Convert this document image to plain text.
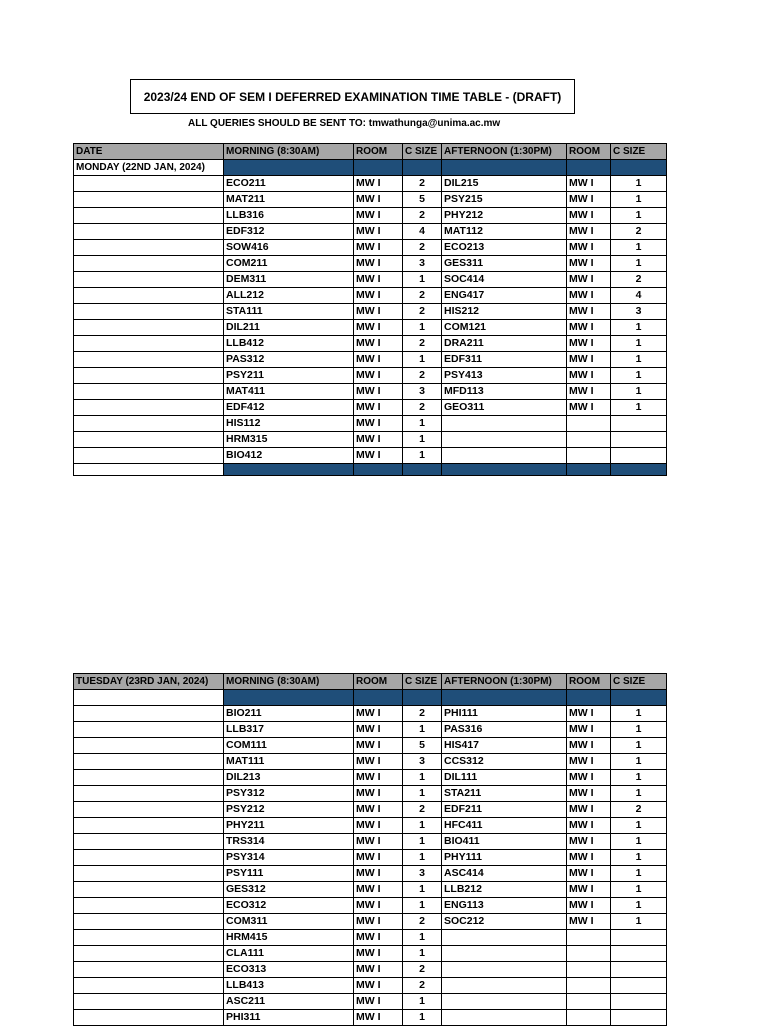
2023/24 END OF SEM I DEFERRED EXAMINATION TIME TABLE - (DRAFT)
ALL QUERIES SHOULD BE SENT TO: tmwathunga@unima.ac.mw
DATE	MORNING (8:30AM)	ROOM	C SIZE	AFTERNOON (1:30PM)	ROOM	C SIZE
MONDAY (22ND JAN, 2024)						
	ECO211	MW I	2	DIL215	MW I	1
	MAT211	MW I	5	PSY215	MW I	1
	LLB316	MW I	2	PHY212	MW I	1
	EDF312	MW I	4	MAT112	MW I	2
	SOW416	MW I	2	ECO213	MW I	1
	COM211	MW I	3	GES311	MW I	1
	DEM311	MW I	1	SOC414	MW I	2
	ALL212	MW I	2	ENG417	MW I	4
	STA111	MW I	2	HIS212	MW I	3
	DIL211	MW I	1	COM121	MW I	1
	LLB412	MW I	2	DRA211	MW I	1
	PAS312	MW I	1	EDF311	MW I	1
	PSY211	MW I	2	PSY413	MW I	1
	MAT411	MW I	3	MFD113	MW I	1
	EDF412	MW I	2	GEO311	MW I	1
	HIS112	MW I	1			
	HRM315	MW I	1			
	BIO412	MW I	1			

TUESDAY (23RD JAN, 2024)	MORNING (8:30AM)	ROOM	C SIZE	AFTERNOON (1:30PM)	ROOM	C SIZE

	BIO211	MW I	2	PHI111	MW I	1
	LLB317	MW I	1	PAS316	MW I	1
	COM111	MW I	5	HIS417	MW I	1
	MAT111	MW I	3	CCS312	MW I	1
	DIL213	MW I	1	DIL111	MW I	1
	PSY312	MW I	1	STA211	MW I	1
	PSY212	MW I	2	EDF211	MW I	2
	PHY211	MW I	1	HFC411	MW I	1
	TRS314	MW I	1	BIO411	MW I	1
	PSY314	MW I	1	PHY111	MW I	1
	PSY111	MW I	3	ASC414	MW I	1
	GES312	MW I	1	LLB212	MW I	1
	ECO312	MW I	1	ENG113	MW I	1
	COM311	MW I	2	SOC212	MW I	1
	HRM415	MW I	1			
	CLA111	MW I	1			
	ECO313	MW I	2			
	LLB413	MW I	2			
	ASC211	MW I	1			
	PHI311	MW I	1			
